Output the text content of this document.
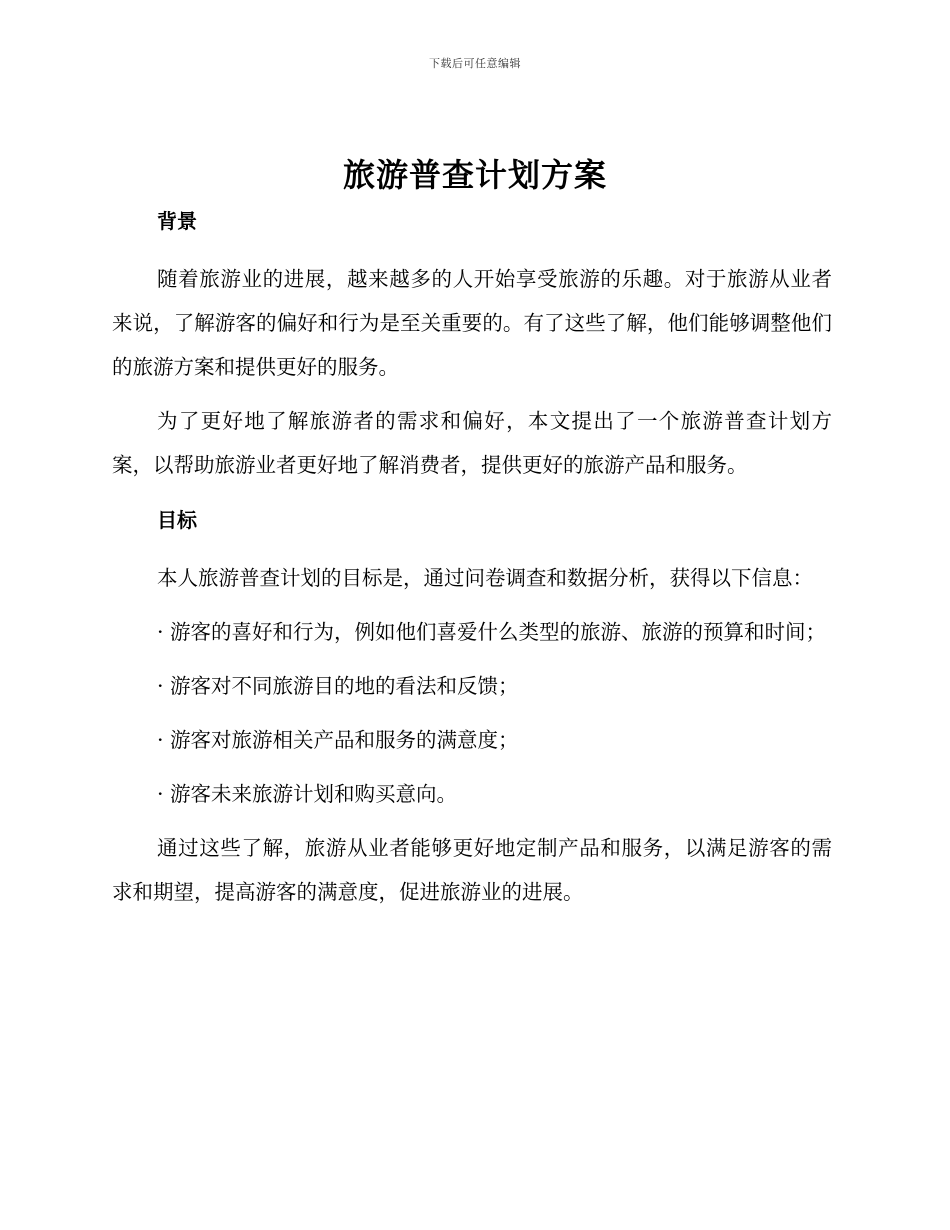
下载后可任意编辑
旅游普查计划方案
背景

随着旅游业的进展，越来越多的人开始享受旅游的乐趣。对于旅游从业者来说，了解游客的偏好和行为是至关重要的。有了这些了解，他们能够调整他们的旅游方案和提供更好的服务。

为了更好地了解旅游者的需求和偏好，本文提出了一个旅游普查计划方案，以帮助旅游业者更好地了解消费者，提供更好的旅游产品和服务。

目标

本人旅游普查计划的目标是，通过问卷调查和数据分析，获得以下信息：

· 游客的喜好和行为，例如他们喜爱什么类型的旅游、旅游的预算和时间；

· 游客对不同旅游目的地的看法和反馈；

· 游客对旅游相关产品和服务的满意度；

· 游客未来旅游计划和购买意向。

通过这些了解，旅游从业者能够更好地定制产品和服务，以满足游客的需求和期望，提高游客的满意度，促进旅游业的进展。
